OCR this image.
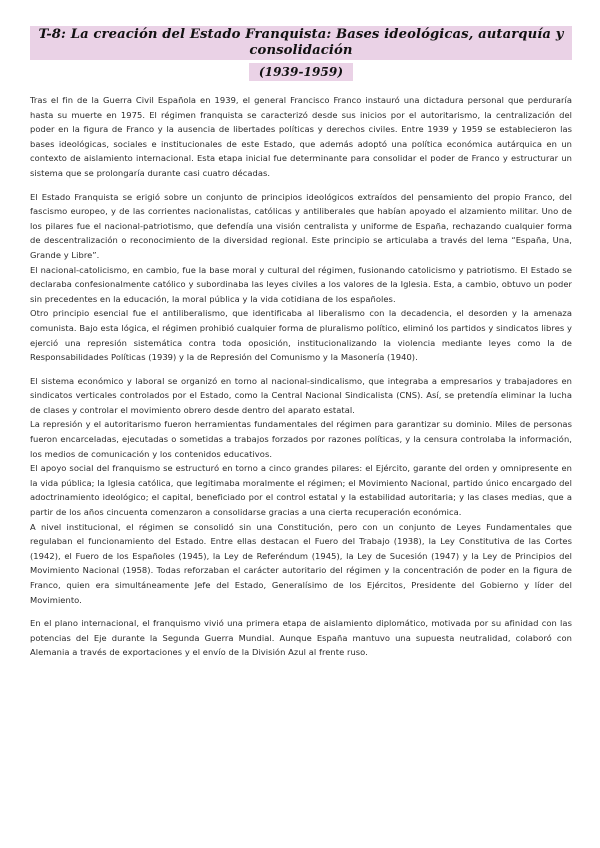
T-8: La creación del Estado Franquista: Bases ideológicas, autarquía y consolidación
(1939-1959)

Tras el fin de la Guerra Civil Española en 1939, el general Francisco Franco instauró una dictadura personal que perduraría hasta su muerte en 1975. El régimen franquista se caracterizó desde sus inicios por el autoritarismo, la centralización del poder en la figura de Franco y la ausencia de libertades políticas y derechos civiles. Entre 1939 y 1959 se establecieron las bases ideológicas, sociales e institucionales de este Estado, que además adoptó una política económica autárquica en un contexto de aislamiento internacional. Esta etapa inicial fue determinante para consolidar el poder de Franco y estructurar un sistema que se prolongaría durante casi cuatro décadas.

El Estado Franquista se erigió sobre un conjunto de principios ideológicos extraídos del pensamiento del propio Franco, del fascismo europeo, y de las corrientes nacionalistas, católicas y antiliberales que habían apoyado el alzamiento militar. Uno de los pilares fue el nacional-patriotismo, que defendía una visión centralista y uniforme de España, rechazando cualquier forma de descentralización o reconocimiento de la diversidad regional. Este principio se articulaba a través del lema “España, Una, Grande y Libre”.

El nacional-catolicismo, en cambio, fue la base moral y cultural del régimen, fusionando catolicismo y patriotismo. El Estado se declaraba confesionalmente católico y subordinaba las leyes civiles a los valores de la Iglesia. Esta, a cambio, obtuvo un poder sin precedentes en la educación, la moral pública y la vida cotidiana de los españoles.

Otro principio esencial fue el antiliberalismo, que identificaba al liberalismo con la decadencia, el desorden y la amenaza comunista. Bajo esta lógica, el régimen prohibió cualquier forma de pluralismo político, eliminó los partidos y sindicatos libres y ejerció una represión sistemática contra toda oposición, institucionalizando la violencia mediante leyes como la de Responsabilidades Políticas (1939) y la de Represión del Comunismo y la Masonería (1940).

El sistema económico y laboral se organizó en torno al nacional-sindicalismo, que integraba a empresarios y trabajadores en sindicatos verticales controlados por el Estado, como la Central Nacional Sindicalista (CNS). Así, se pretendía eliminar la lucha de clases y controlar el movimiento obrero desde dentro del aparato estatal.

La represión y el autoritarismo fueron herramientas fundamentales del régimen para garantizar su dominio. Miles de personas fueron encarceladas, ejecutadas o sometidas a trabajos forzados por razones políticas, y la censura controlaba la información, los medios de comunicación y los contenidos educativos.

El apoyo social del franquismo se estructuró en torno a cinco grandes pilares: el Ejército, garante del orden y omnipresente en la vida pública; la Iglesia católica, que legitimaba moralmente el régimen; el Movimiento Nacional, partido único encargado del adoctrinamiento ideológico; el capital, beneficiado por el control estatal y la estabilidad autoritaria; y las clases medias, que a partir de los años cincuenta comenzaron a consolidarse gracias a una cierta recuperación económica.

A nivel institucional, el régimen se consolidó sin una Constitución, pero con un conjunto de Leyes Fundamentales que regulaban el funcionamiento del Estado. Entre ellas destacan el Fuero del Trabajo (1938), la Ley Constitutiva de las Cortes (1942), el Fuero de los Españoles (1945), la Ley de Referéndum (1945), la Ley de Sucesión (1947) y la Ley de Principios del Movimiento Nacional (1958). Todas reforzaban el carácter autoritario del régimen y la concentración de poder en la figura de Franco, quien era simultáneamente Jefe del Estado, Generalísimo de los Ejércitos, Presidente del Gobierno y líder del Movimiento.

En el plano internacional, el franquismo vivió una primera etapa de aislamiento diplomático, motivada por su afinidad con las potencias del Eje durante la Segunda Guerra Mundial. Aunque España mantuvo una supuesta neutralidad, colaboró con Alemania a través de exportaciones y el envío de la División Azul al frente ruso.
